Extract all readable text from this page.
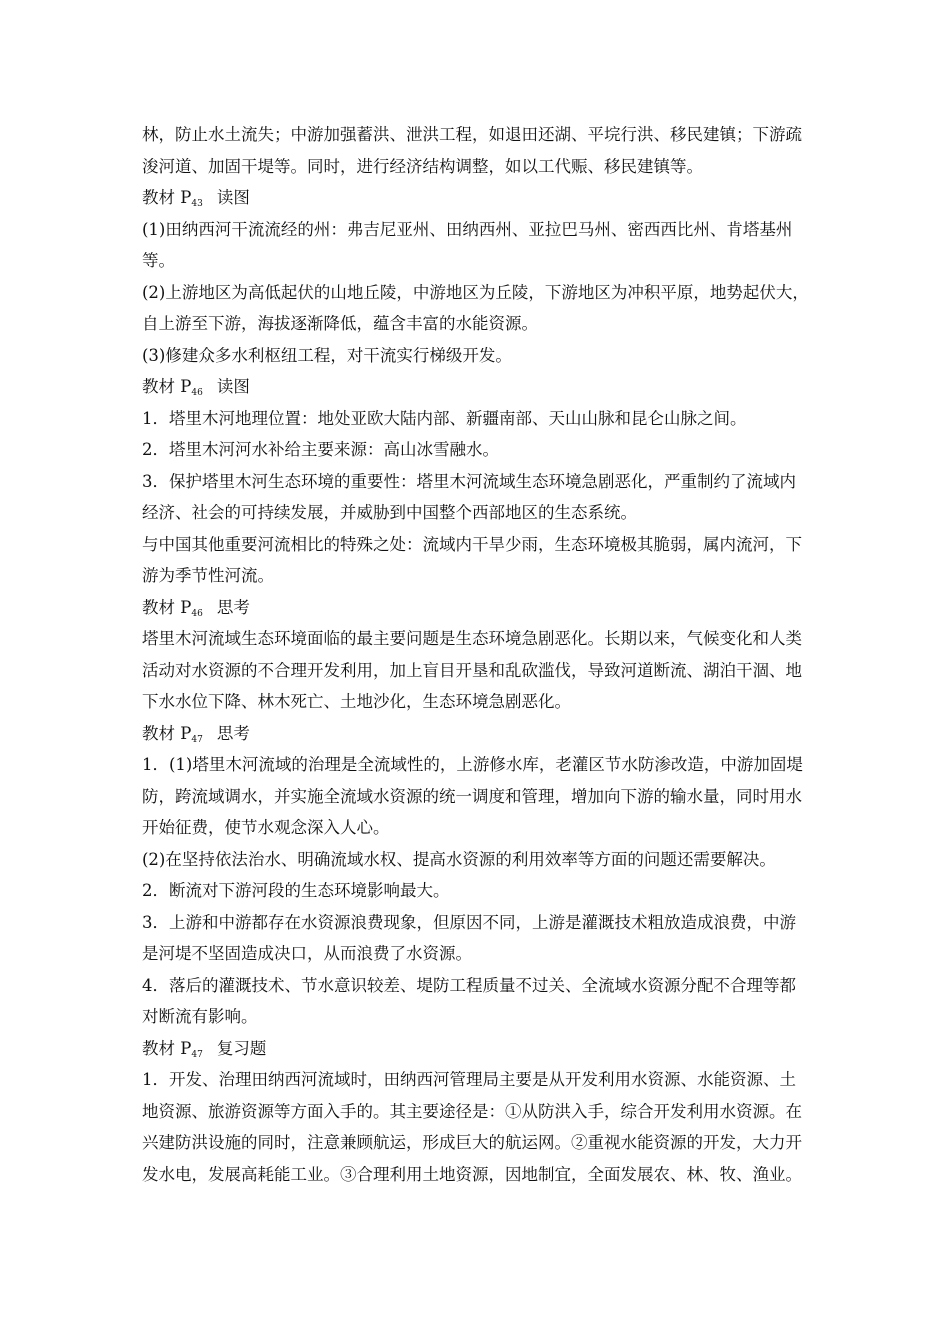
林，防止水土流失；中游加强蓄洪、泄洪工程，如退田还湖、平垸行洪、移民建镇；下游疏
浚河道、加固干堤等。同时，进行经济结构调整，如以工代赈、移民建镇等。
教材 $P_{43}$ 读图
(1)田纳西河干流流经的州：弗吉尼亚州、田纳西州、亚拉巴马州、密西西比州、肯塔基州
等。
(2)上游地区为高低起伏的山地丘陵，中游地区为丘陵，下游地区为冲积平原，地势起伏大，
自上游至下游，海拔逐渐降低，蕴含丰富的水能资源。
(3)修建众多水利枢纽工程，对干流实行梯级开发。
教材 $P_{46}$ 读图
1．塔里木河地理位置：地处亚欧大陆内部、新疆南部、天山山脉和昆仑山脉之间。
2．塔里木河河水补给主要来源：高山冰雪融水。
3．保护塔里木河生态环境的重要性：塔里木河流域生态环境急剧恶化，严重制约了流域内
经济、社会的可持续发展，并威胁到中国整个西部地区的生态系统。
与中国其他重要河流相比的特殊之处：流域内干旱少雨，生态环境极其脆弱，属内流河，下
游为季节性河流。
教材 $P_{46}$ 思考
塔里木河流域生态环境面临的最主要问题是生态环境急剧恶化。长期以来，气候变化和人类
活动对水资源的不合理开发利用，加上盲目开垦和乱砍滥伐，导致河道断流、湖泊干涸、地
下水水位下降、林木死亡、土地沙化，生态环境急剧恶化。
教材 $P_{47}$ 思考
1．(1)塔里木河流域的治理是全流域性的，上游修水库，老灌区节水防渗改造，中游加固堤
防，跨流域调水，并实施全流域水资源的统一调度和管理，增加向下游的输水量，同时用水
开始征费，使节水观念深入人心。
(2)在坚持依法治水、明确流域水权、提高水资源的利用效率等方面的问题还需要解决。
2．断流对下游河段的生态环境影响最大。
3．上游和中游都存在水资源浪费现象，但原因不同，上游是灌溉技术粗放造成浪费，中游
是河堤不坚固造成决口，从而浪费了水资源。
4．落后的灌溉技术、节水意识较差、堤防工程质量不过关、全流域水资源分配不合理等都
对断流有影响。
教材 $P_{47}$ 复习题
1．开发、治理田纳西河流域时，田纳西河管理局主要是从开发利用水资源、水能资源、土
地资源、旅游资源等方面入手的。其主要途径是：①从防洪入手，综合开发利用水资源。在
兴建防洪设施的同时，注意兼顾航运，形成巨大的航运网。②重视水能资源的开发，大力开
发水电，发展高耗能工业。③合理利用土地资源，因地制宜，全面发展农、林、牧、渔业。
